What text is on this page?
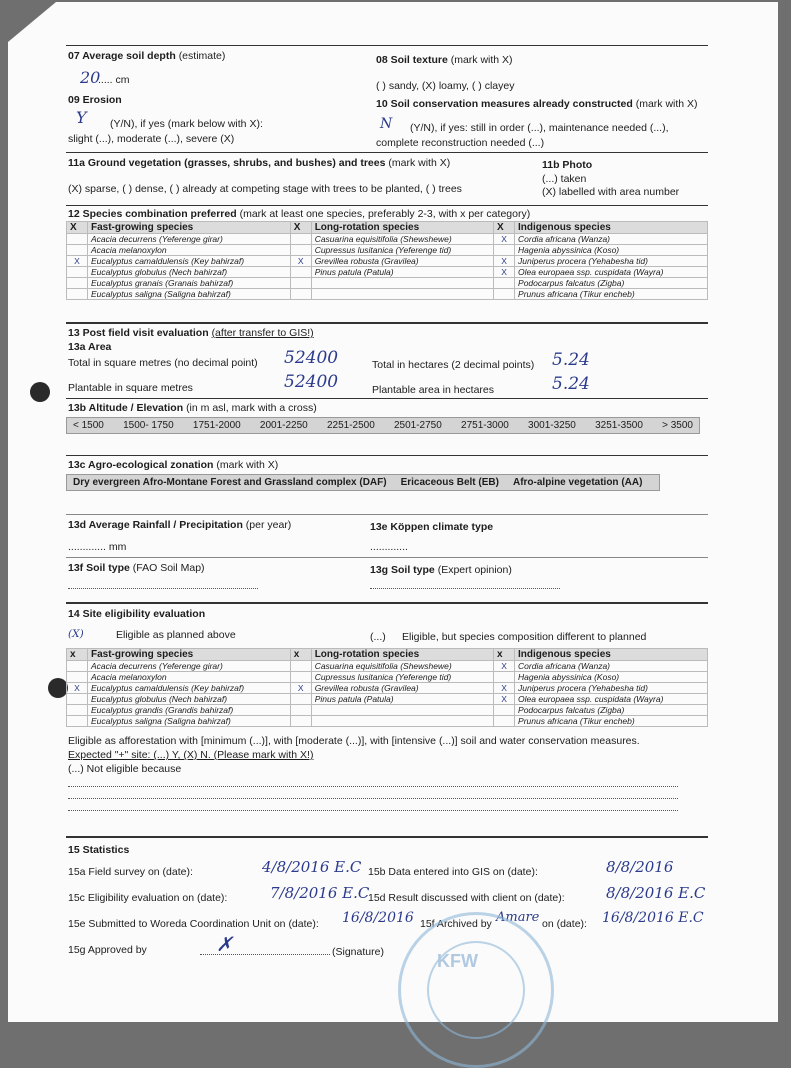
07 Average soil depth (estimate)
20
..... cm
08 Soil texture (mark with X)
( ) sandy, (X) loamy, ( ) clayey
09 Erosion
Y (Y/N), if yes (mark below with X):
slight (...), moderate (...), severe (X)
10 Soil conservation measures already constructed (mark with X)
N (Y/N), if yes: still in order (...), maintenance needed (...),
complete reconstruction needed (...)
11a Ground vegetation (grasses, shrubs, and bushes) and trees (mark with X)
(X) sparse, ( ) dense, ( ) already at competing stage with trees to be planted, ( ) trees
11b Photo
(...) taken
(X) labelled with area number
12 Species combination preferred (mark at least one species, preferably 2-3, with x per category)
X	Fast-growing species	X	Long-rotation species	X	Indigenous species
	Acacia decurrens (Yeferenge girar)		Casuarina equisitifolia (Shewshewe)	X	Cordia africana (Wanza)
	Acacia melanoxylon		Cupressus lusitanica (Yeferenge tid)		Hagenia abyssinica (Koso)
X	Eucalyptus camaldulensis (Key bahirzaf)	X	Grevillea robusta (Gravilea)	X	Juniperus procera (Yehabesha tid)
	Eucalyptus globulus (Nech bahirzaf)		Pinus patula (Patula)	X	Olea europaea ssp. cuspidata (Wayra)
	Eucalyptus granais (Granais bahirzaf)				Podocarpus falcatus (Zigba)
	Eucalyptus saligna (Saligna bahirzaf)				Prunus africana (Tikur encheb)
13 Post field visit evaluation (after transfer to GIS!)
13a Area
Total in square metres (no decimal point) 52400	Total in hectares (2 decimal points) 5.24
Plantable in square metres	52400	Plantable area in hectares	5.24
13b Altitude / Elevation (in m asl, mark with a cross)
< 1500 1500- 1750 1751-2000 2001-2250 2251-2500 2501-2750 2751-3000 3001-3250 3251-3500 > 3500
13c Agro-ecological zonation (mark with X)
Dry evergreen Afro-Montane Forest and Grassland complex (DAF) Ericaceous Belt (EB) Afro-alpine vegetation (AA)
13d Average Rainfall / Precipitation (per year)
............. mm
13e Köppen climate type
.............
13f Soil type (FAO Soil Map)	13g Soil type (Expert opinion)
14 Site eligibility evaluation
(X)	Eligible as planned above	(...) Eligible, but species composition different to planned
x	Fast-growing species	x	Long-rotation species	x	Indigenous species
	Acacia decurrens (Yeferenge girar)		Casuarina equisitifolia (Shewshewe)	X	Cordia africana (Wanza)
	Acacia melanoxylon		Cupressus lusitanica (Yeferenge tid)		Hagenia abyssinica (Koso)
X	Eucalyptus camaldulensis (Key bahirzaf)	X	Grevillea robusta (Gravilea)	X	Juniperus procera (Yehabesha tid)
	Eucalyptus globulus (Nech bahirzaf)		Pinus patula (Patula)	X	Olea europaea ssp. cuspidata (Wayra)
	Eucalyptus grandis (Grandis bahirzaf)				Podocarpus falcatus (Zigba)
	Eucalyptus saligna (Saligna bahirzaf)				Prunus africana (Tikur encheb)
Eligible as afforestation with [minimum (...)], with [moderate (...)], with [intensive (...)] soil and water conservation measures.
Expected "+" site: (...) Y, (X) N. (Please mark with X!)
(...) Not eligible because
15 Statistics
15a Field survey on (date):	4/8/2016 E.C 15b Data entered into GIS on (date):	8/8/2016
15c Eligibility evaluation on (date):	7/8/2016 E.C
15d Result discussed with client on (date):	8/8/2016 E.C
15e Submitted to Woreda Coordination Unit on (date): 16/8/2016 15f Archived by Amare on (date): 16/8/2016 E.C
15g Approved by	✗	(Signature)	KFW
